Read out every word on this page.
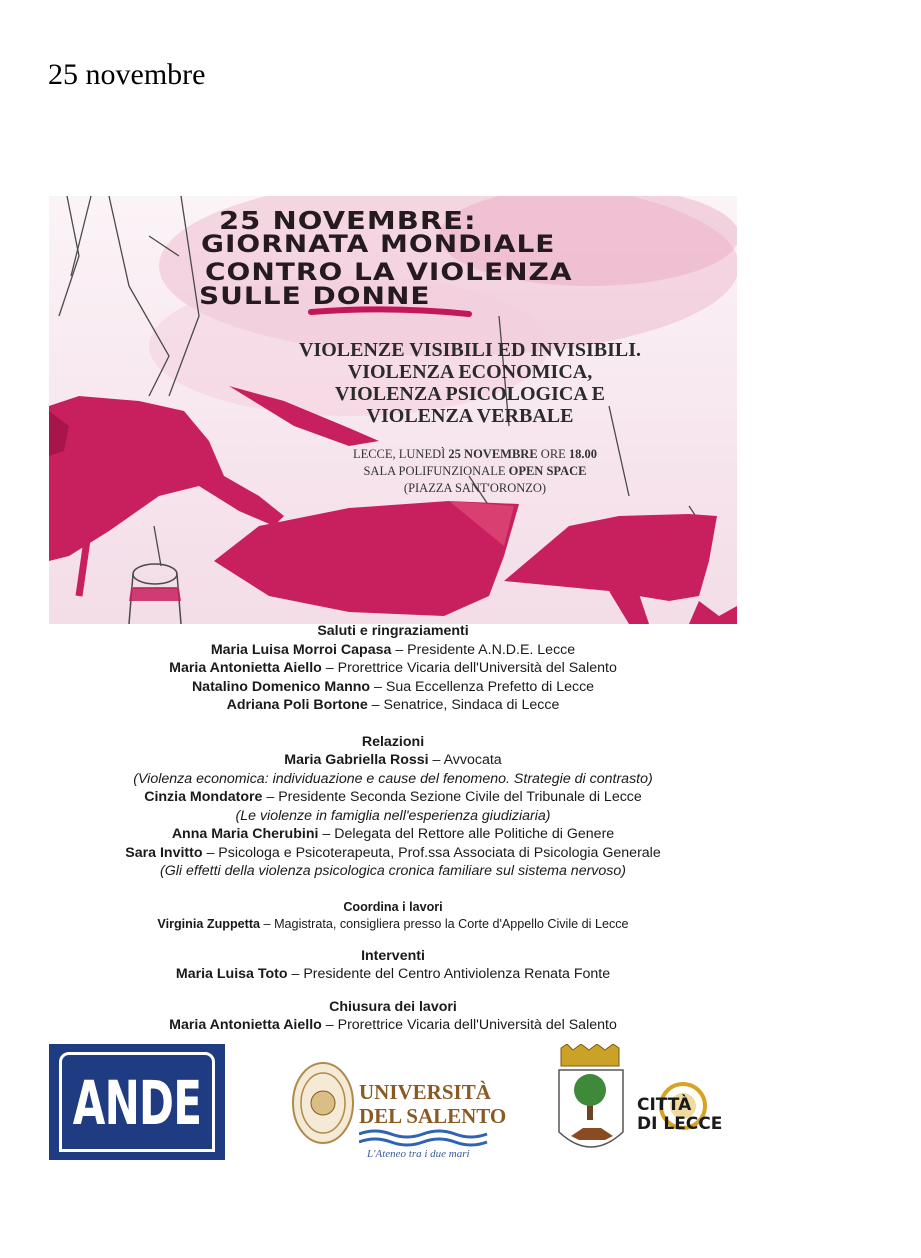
25 novembre
25 NOVEMBRE:
GIORNATA MONDIALE
CONTRO LA VIOLENZA
SULLE DONNE
VIOLENZE VISIBILI ED INVISIBILI.
VIOLENZA ECONOMICA,
VIOLENZA PSICOLOGICA E
VIOLENZA VERBALE
LECCE, LUNEDÌ 25 NOVEMBRE ORE 18.00
SALA POLIFUNZIONALE OPEN SPACE
(PIAZZA SANT'ORONZO)
Saluti e ringraziamenti
Maria Luisa Morroi Capasa – Presidente A.N.D.E. Lecce
Maria Antonietta Aiello – Prorettrice Vicaria dell'Università del Salento
Natalino Domenico Manno – Sua Eccellenza Prefetto di Lecce
Adriana Poli Bortone – Senatrice, Sindaca di Lecce
Relazioni
Maria Gabriella Rossi – Avvocata
(Violenza economica: individuazione e cause del fenomeno. Strategie di contrasto)
Cinzia Mondatore – Presidente Seconda Sezione Civile del Tribunale di Lecce
(Le violenze in famiglia nell'esperienza giudiziaria)
Anna Maria Cherubini – Delegata del Rettore alle Politiche di Genere
Sara Invitto – Psicologa e Psicoterapeuta, Prof.ssa Associata di Psicologia Generale
(Gli effetti della violenza psicologica cronica familiare sul sistema nervoso)
Coordina i lavori
Virginia Zuppetta – Magistrata, consigliera presso la Corte d'Appello Civile di Lecce
Interventi
Maria Luisa Toto – Presidente del Centro Antiviolenza Renata Fonte
Chiusura dei lavori
Maria Antonietta Aiello – Prorettrice Vicaria dell'Università del Salento
ANDE	UNIVERSITÀ
DEL SALENTO
L'Ateneo tra i due mari
CITTÀ
DI LECCE
